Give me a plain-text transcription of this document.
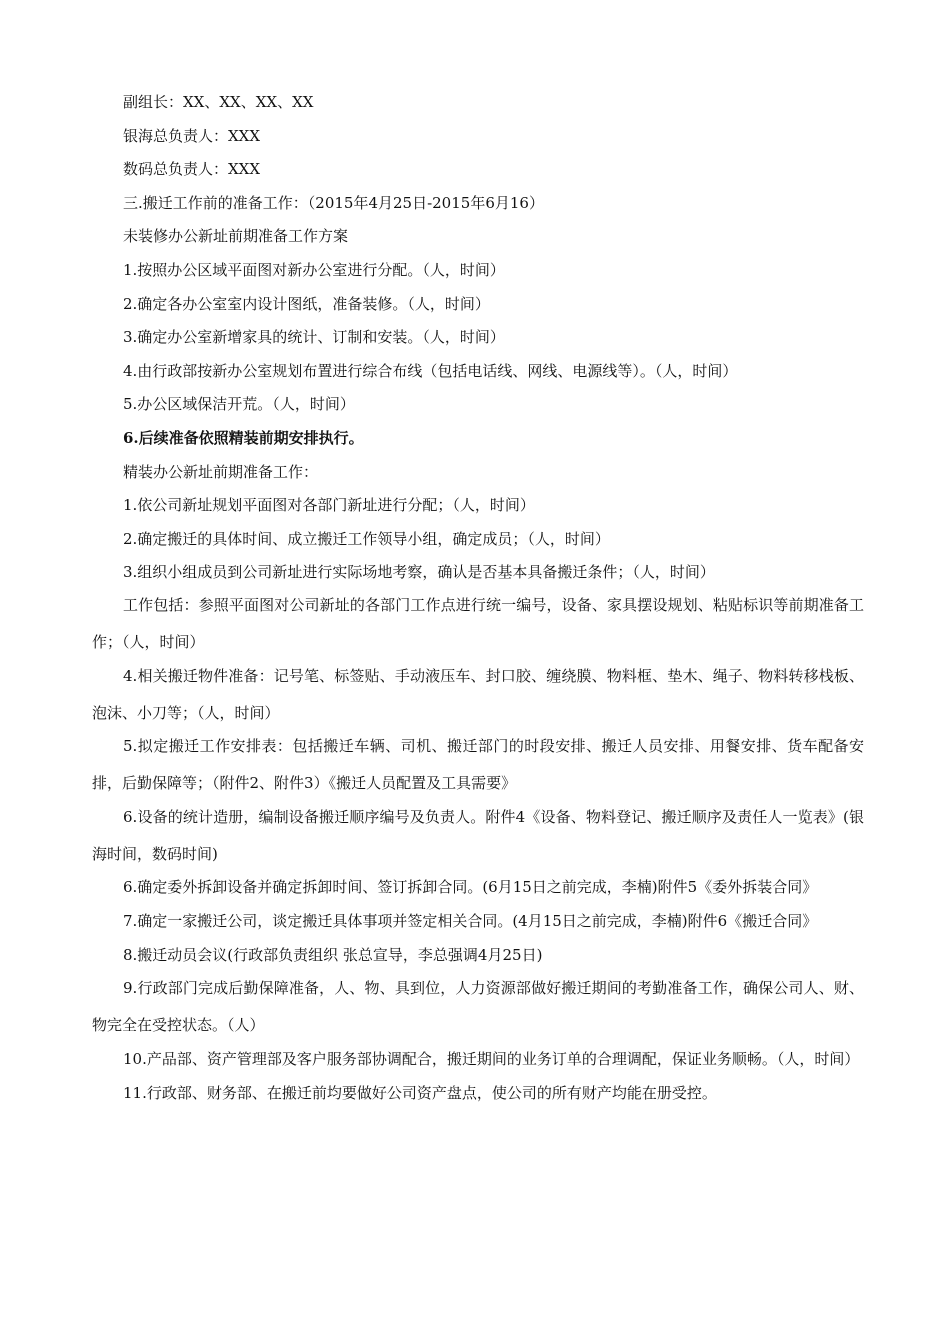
副组长：XX、XX、XX、XX

银海总负责人：XXX

数码总负责人：XXX

三.搬迁工作前的准备工作：（2015年4月25日-2015年6月16）

未装修办公新址前期准备工作方案

1.按照办公区域平面图对新办公室进行分配。（人，时间）

2.确定各办公室室内设计图纸，准备装修。（人，时间）

3.确定办公室新增家具的统计、订制和安装。（人，时间）

4.由行政部按新办公室规划布置进行综合布线（包括电话线、网线、电源线等）。（人，时间）

5.办公区域保洁开荒。（人，时间）

6.后续准备依照精装前期安排执行。

精装办公新址前期准备工作：

1.依公司新址规划平面图对各部门新址进行分配；（人，时间）

2.确定搬迁的具体时间、成立搬迁工作领导小组，确定成员；（人，时间）

3.组织小组成员到公司新址进行实际场地考察，确认是否基本具备搬迁条件；（人，时间）

工作包括：参照平面图对公司新址的各部门工作点进行统一编号，设备、家具摆设规划、粘贴标识等前期准备工作；（人，时间）

4.相关搬迁物件准备：记号笔、标签贴、手动液压车、封口胶、缠绕膜、物料框、垫木、绳子、物料转移栈板、泡沫、小刀等；（人，时间）

5.拟定搬迁工作安排表：包括搬迁车辆、司机、搬迁部门的时段安排、搬迁人员安排、用餐安排、货车配备安排，后勤保障等；（附件2、附件3）《搬迁人员配置及工具需要》

6.设备的统计造册，编制设备搬迁顺序编号及负责人。附件4《设备、物料登记、搬迁顺序及责任人一览表》(银海时间，数码时间)

6.确定委外拆卸设备并确定拆卸时间、签订拆卸合同。(6月15日之前完成，李楠)附件5《委外拆装合同》

7.确定一家搬迁公司，谈定搬迁具体事项并签定相关合同。(4月15日之前完成，李楠)附件6《搬迁合同》

8.搬迁动员会议(行政部负责组织 张总宣导，李总强调4月25日)

9.行政部门完成后勤保障准备，人、物、具到位，人力资源部做好搬迁期间的考勤准备工作，确保公司人、财、物完全在受控状态。（人）

10.产品部、资产管理部及客户服务部协调配合，搬迁期间的业务订单的合理调配，保证业务顺畅。（人，时间）

11.行政部、财务部、在搬迁前均要做好公司资产盘点，使公司的所有财产均能在册受控。
